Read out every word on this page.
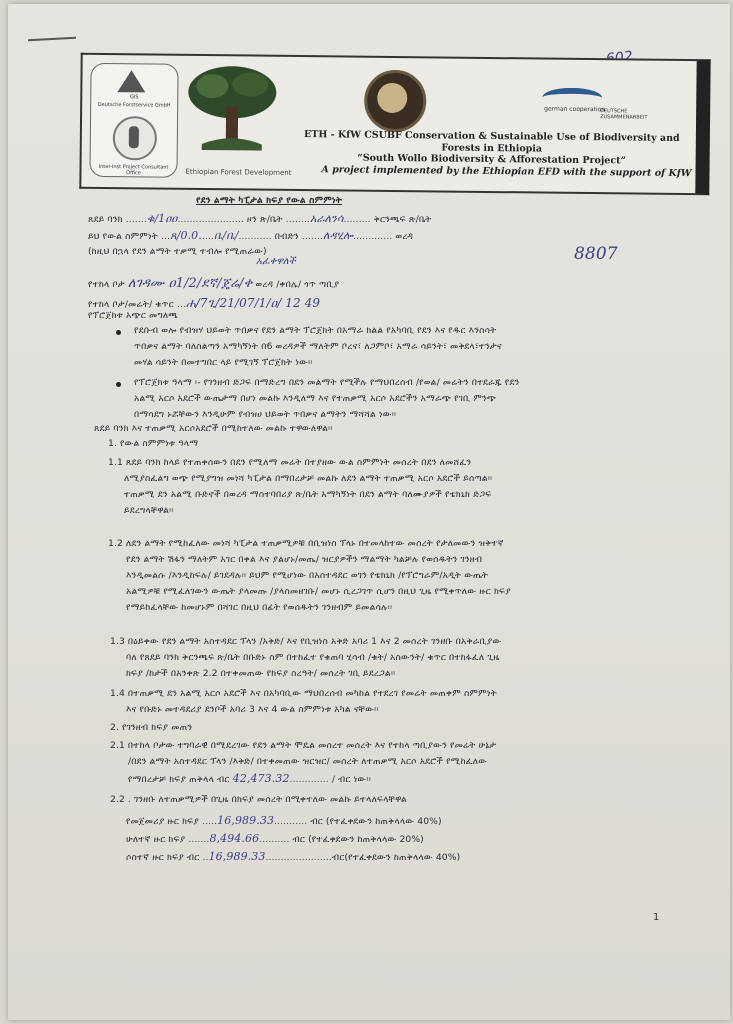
GIS
Deutsche Forstservice GmbH
Inter-Inst Project Consultant Office	Ethiopian Forest Development
german cooperation
DEUTSCHE ZUSAMMENARBEIT
ETH - KfW CSUBF Conservation & Sustainable Use of Biodiversity and
Forests in Ethiopia
“South Wollo Biodiversity & Afforestation Project”
A project implemented by the Ethiopian EFD with the support of KfW
የደን ልማት ካፒታል ክፍያ የውል ስምምነት
ጸደይ ባንክ .......ቁ/1ዐዐ...................... ዞን ጽ/ቤት ........አራለንሳ......... ቅርንጫፍ ጽ/ቤት
ይህ የውል ስምምነት ...ጸ/0.0.....ቤ/ቤ/........... በብድን .......ለዳሂሎ............. ወረዳ
(ከዚህ በኋላ የደን ልማት ተቃሚ ተብሎ የሚጠራው)
አፈቀዋለች	8807
የተከላ ቦታ ለገዳሙ ዐ1/2/ደኛ/ጄሬ/ቀ ወረዳ /ቀበሌ/ ጎጥ ጣቢያ
የተከላ ቦታ/መሬት/ ቁጥር ...ሐ/7ጊ/21/07/1/ዐ/ 12 49
የፕሮጀክቱ አጭር መግለጫ
የደቡብ ወሎ የብዝሃ ህይወት ጥበቃና የደን ልማት ፕሮጀክት በአማራ ክልል የአካባቢ የደን እና የዱር እንስሳት
ጥበቃና ልማት ባለስልጣን አማካኝነት በ6 ወረዳዎች ማለትም ቦረና፣ ለጋምቦ፣ አማራ ሳይንት፣ መቅደላ፣ተንታና
መሃል ሳይንት በመተግበር ላይ የሚገኝ ፕሮጀክት ነው፡፡
የፕሮጀክቱ ዓላማ ፡- የገንዘብ ድጋፍ በማድረግ በደን መልማት የሚችሉ የማህበረሰብ /የወል/ መሬትን በተደራጁ የደን
አልሚ አርሶ አደሮች ውጤታማ በሆነ መልኩ እንዲለማ እና የተጠቃሚ አርሶ አደሮችን አማራጭ የገቢ ምንጭ
በማሳደግ ኑሯቸውን እንዲሁም የብዝሀ ህይወት ጥበቃና ልማትን ማሻሻል ነው፡፡
ጸደይ ባንክ እና ተጠቃሚ አርሶአደሮች በሚከተለው መልኩ ተዋውለዋል፡፡
1. የውል ስምምነቱ ዓላማ
1.1 ጸደይ ባንክ ከላይ የተጠቀሰውን በደን የሚለማ መሬት በተያዘው ውል ስምምነት መሰረት በደን ለመሸፈን
ለሚያስፈልግ ወጭ የሚያግዝ መነሻ ካፒታል በማበረታቻ መልኩ ለደን ልማት ተጠቃሚ አርሶ አደሮች ይሰጣል፡፡
ተጠቃሚ ደን አልሚ ቡድኖች በወረዳ ማስተባበሪያ ጽ/ቤት አማካኝነት በደን ልማት ባለሙያዎች የቴክኒክ ድጋፍ
ይደረግላቸዋል፡፡
1.2 ለደን ልማት የሚከፈለው መነሻ ካፒታል ተጠቃሚዎቹ በቢዝነስ ፕላኑ በተመላከተው መሰረት የታለመውን ዝቅተኛ
የደን ልማት ሽፋን ማለትም አገር በቀል እና ያልሆኑ/መጤ/ ዝርያዎችን ማልማት ካልቻሉ የወሰዱትን ገንዘብ
እንዲመልሱ /እንዲከፍሉ/ ይገደዳሉ፡፡ ይህም የሚሆነው በአስተዳደር ወገን የቴክኒክ /የፕሮግራም/አዲት ውጤት
አልሚዎቹ የሚፈለገውን ውጤት ያላመጡ /ያላስመዘገቡ/ መሆኑ ሲረጋገጥ ሲሆን በዚህ ጊዜ የሚቀጥለው ዙር ክፍያ
የማይከፈላቸው ከመሆኑም በሻገር በዚህ በፊት የወሰዱትን ገንዘብም ይመልሳሉ፡፡
1.3 በዕይቀው የደን ልማት አስተዳደር ፕላን /አቅድ/ እና የቢዝነስ አቅድ አባሪ 1 እና 2 መሰረት ገንዘቡ በአቅራቢያው
ባለ የጸደይ ባንክ ቅርንጫፍ ጽ/ቤት በቡድኑ ስም በተከፈተ የቁጠባ ሂሳብ /ቁት/ አስውንት/ ቁጥር በተከፋፈለ ጊዜ
ክፍያ /ከታች በአንቀጽ 2.2 በተቀመጠው የክፍያ ስረዓት/ መሰረት ገቢ ይደረጋል፡፡
1.4 በተጠቃሚ ደን አልሚ አርሶ አደሮች እና በአካባቢው ማህበረሰብ መካከል የተደረገ የመሬት መጠቀም ስምምነት
እና የቡድኑ መተዳደሪያ ደንቦች አባሪ 3 እና 4 ውል ስምምነቱ አካል ናቸው፡፡
2. የገንዘብ ክፍያ መጠን
2.1 በተከላ ቦታው ተግባራዊ በሚደረገው የደን ልማት ሞዴል መሰረተ መሰረት እና የተከላ ጣቢያውን የመሬት ሁኔታ
/በደን ልማት አስተዳደር ፕላን /እቅድ/ በተቀመጠው ዝርዝር/ መሰረት ለተጠቃሚ አርሶ አደሮች የሚከፈለው
የማበረታቻ ክፍያ ጠቅላላ ብር 42,473.32............. / ብር ነው፡፡
2.2 . ገንዘቡ ለተጠቃሚዎች በጊዜ በክፍያ መሰረት በሚቀተለው መልኩ ይተላለፍላቸዋል
የመጀመሪያ ዙር ክፍያ .....16,989.33........... ብር (የተፈቀደውን ከጠቅላላው 40%)
ሁለተኛ ዙር ክፍያ .......8,494.66.......... ብር (የተፈቀደውን ከጠቅላላው 20%)
ሶስተኛ ዙር ክፍያ ብር ..16,989.33......................ብር(የተፈቀደውን ከጠቅላላው 40%)
1
